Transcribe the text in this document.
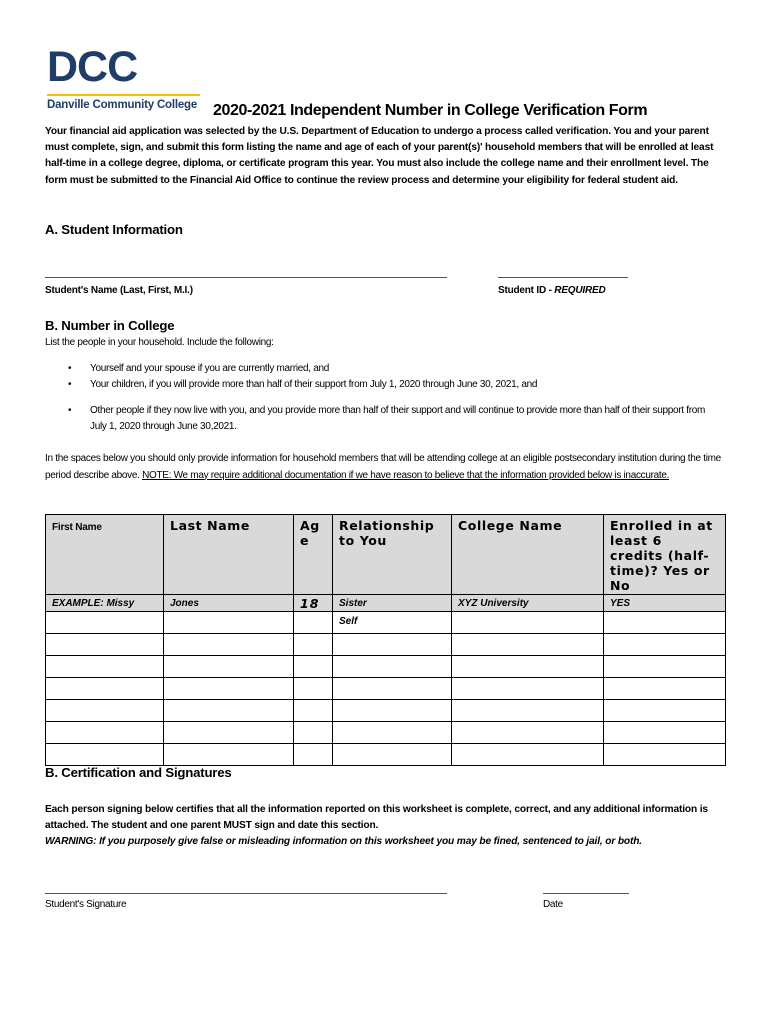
DCC
Danville Community College 2020-2021 Independent Number in College Verification Form
Your financial aid application was selected by the U.S. Department of Education to undergo a process called verification. You and your parent must complete, sign, and submit this form listing the name and age of each of your parent(s)' household members that will be enrolled at least half-time in a college degree, diploma, or certificate program this year. You must also include the college name and their enrollment level. The form must be submitted to the Financial Aid Office to continue the review process and determine your eligibility for federal student aid.
A. Student Information
Student's Name (Last, First, M.I.)	Student ID - REQUIRED
B. Number in College
List the people in your household. Include the following:
• Yourself and your spouse if you are currently married, and
• Your children, if you will provide more than half of their support from July 1, 2020 through June 30, 2021, and
• Other people if they now live with you, and you provide more than half of their support and will continue to provide more than half of their support from July 1, 2020 through June 30,2021.
In the spaces below you should only provide information for household members that will be attending college at an eligible postsecondary institution during the time period describe above. NOTE: We may require additional documentation if we have reason to believe that the information provided below is inaccurate.
First Name	Last Name	Ag e	Relationship to You	College Name	Enrolled in at least 6 credits (half-time)? Yes or No
EXAMPLE: Missy	Jones	18	Sister	XYZ University	YES
			Self		

B. Certification and Signatures
Each person signing below certifies that all the information reported on this worksheet is complete, correct, and any additional information is attached. The student and one parent MUST sign and date this section.
WARNING: If you purposely give false or misleading information on this worksheet you may be fined, sentenced to jail, or both.
Student's Signature	Date
